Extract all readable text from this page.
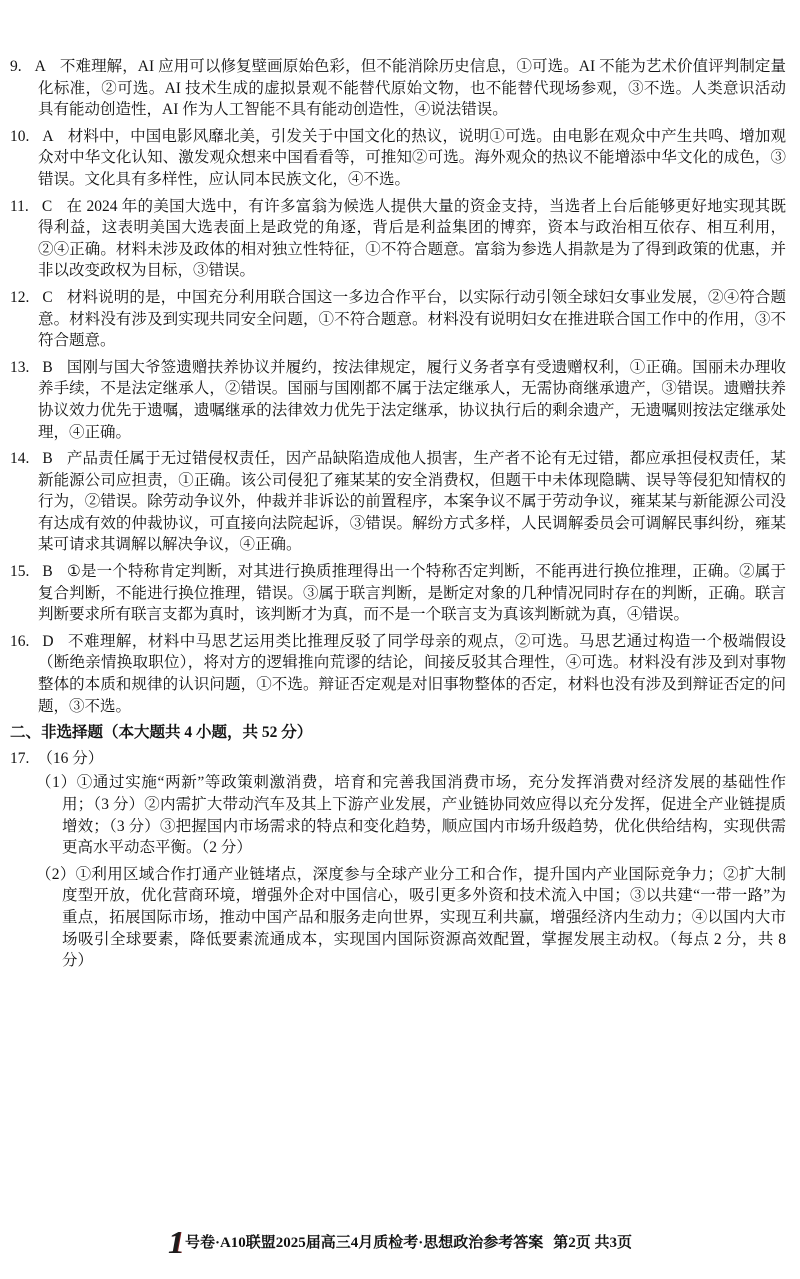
9. A 不难理解，AI 应用可以修复壁画原始色彩，但不能消除历史信息，①可选。AI 不能为艺术价值评判制定量化标准，②可选。AI 技术生成的虚拟景观不能替代原始文物，也不能替代现场参观，③不选。人类意识活动具有能动创造性，AI 作为人工智能不具有能动创造性，④说法错误。

10. A 材料中，中国电影风靡北美，引发关于中国文化的热议，说明①可选。由电影在观众中产生共鸣、增加观众对中华文化认知、激发观众想来中国看看等，可推知②可选。海外观众的热议不能增添中华文化的成色，③错误。文化具有多样性，应认同本民族文化，④不选。

11. C 在 2024 年的美国大选中，有许多富翁为候选人提供大量的资金支持，当选者上台后能够更好地实现其既得利益，这表明美国大选表面上是政党的角逐，背后是利益集团的博弈，资本与政治相互依存、相互利用，②④正确。材料未涉及政体的相对独立性特征，①不符合题意。富翁为参选人捐款是为了得到政策的优惠，并非以改变政权为目标，③错误。

12. C 材料说明的是，中国充分利用联合国这一多边合作平台，以实际行动引领全球妇女事业发展，②④符合题意。材料没有涉及到实现共同安全问题，①不符合题意。材料没有说明妇女在推进联合国工作中的作用，③不符合题意。

13. B 国刚与国大爷签遗赠扶养协议并履约，按法律规定，履行义务者享有受遗赠权利，①正确。国丽未办理收养手续，不是法定继承人，②错误。国丽与国刚都不属于法定继承人，无需协商继承遗产，③错误。遗赠扶养协议效力优先于遗嘱，遗嘱继承的法律效力优先于法定继承，协议执行后的剩余遗产，无遗嘱则按法定继承处理，④正确。

14. B 产品责任属于无过错侵权责任，因产品缺陷造成他人损害，生产者不论有无过错，都应承担侵权责任，某新能源公司应担责，①正确。该公司侵犯了雍某某的安全消费权，但题干中未体现隐瞒、误导等侵犯知情权的行为，②错误。除劳动争议外，仲裁并非诉讼的前置程序，本案争议不属于劳动争议，雍某某与新能源公司没有达成有效的仲裁协议，可直接向法院起诉，③错误。解纷方式多样，人民调解委员会可调解民事纠纷，雍某某可请求其调解以解决争议，④正确。

15. B ①是一个特称肯定判断，对其进行换质推理得出一个特称否定判断，不能再进行换位推理，正确。②属于复合判断，不能进行换位推理，错误。③属于联言判断，是断定对象的几种情况同时存在的判断，正确。联言判断要求所有联言支都为真时，该判断才为真，而不是一个联言支为真该判断就为真，④错误。

16. D 不难理解，材料中马思艺运用类比推理反驳了同学母亲的观点，②可选。马思艺通过构造一个极端假设（断绝亲情换取职位），将对方的逻辑推向荒谬的结论，间接反驳其合理性，④可选。材料没有涉及到对事物整体的本质和规律的认识问题，①不选。辩证否定观是对旧事物整体的否定，材料也没有涉及到辩证否定的问题，③不选。

二、非选择题（本大题共 4 小题，共 52 分）

17. （16 分）

（1）①通过实施“两新”等政策刺激消费，培育和完善我国消费市场，充分发挥消费对经济发展的基础性作用；（3 分）②内需扩大带动汽车及其上下游产业发展，产业链协同效应得以充分发挥，促进全产业链提质增效；（3 分）③把握国内市场需求的特点和变化趋势，顺应国内市场升级趋势，优化供给结构，实现供需更高水平动态平衡。（2 分）

（2）①利用区域合作打通产业链堵点，深度参与全球产业分工和合作，提升国内产业国际竞争力；②扩大制度型开放，优化营商环境，增强外企对中国信心，吸引更多外资和技术流入中国；③以共建“一带一路”为重点，拓展国际市场，推动中国产品和服务走向世界，实现互利共赢，增强经济内生动力；④以国内大市场吸引全球要素，降低要素流通成本，实现国内国际资源高效配置，掌握发展主动权。（每点 2 分，共 8 分）

1号卷·A10联盟2025届高三4月质检考·思想政治参考答案 第2页 共3页
